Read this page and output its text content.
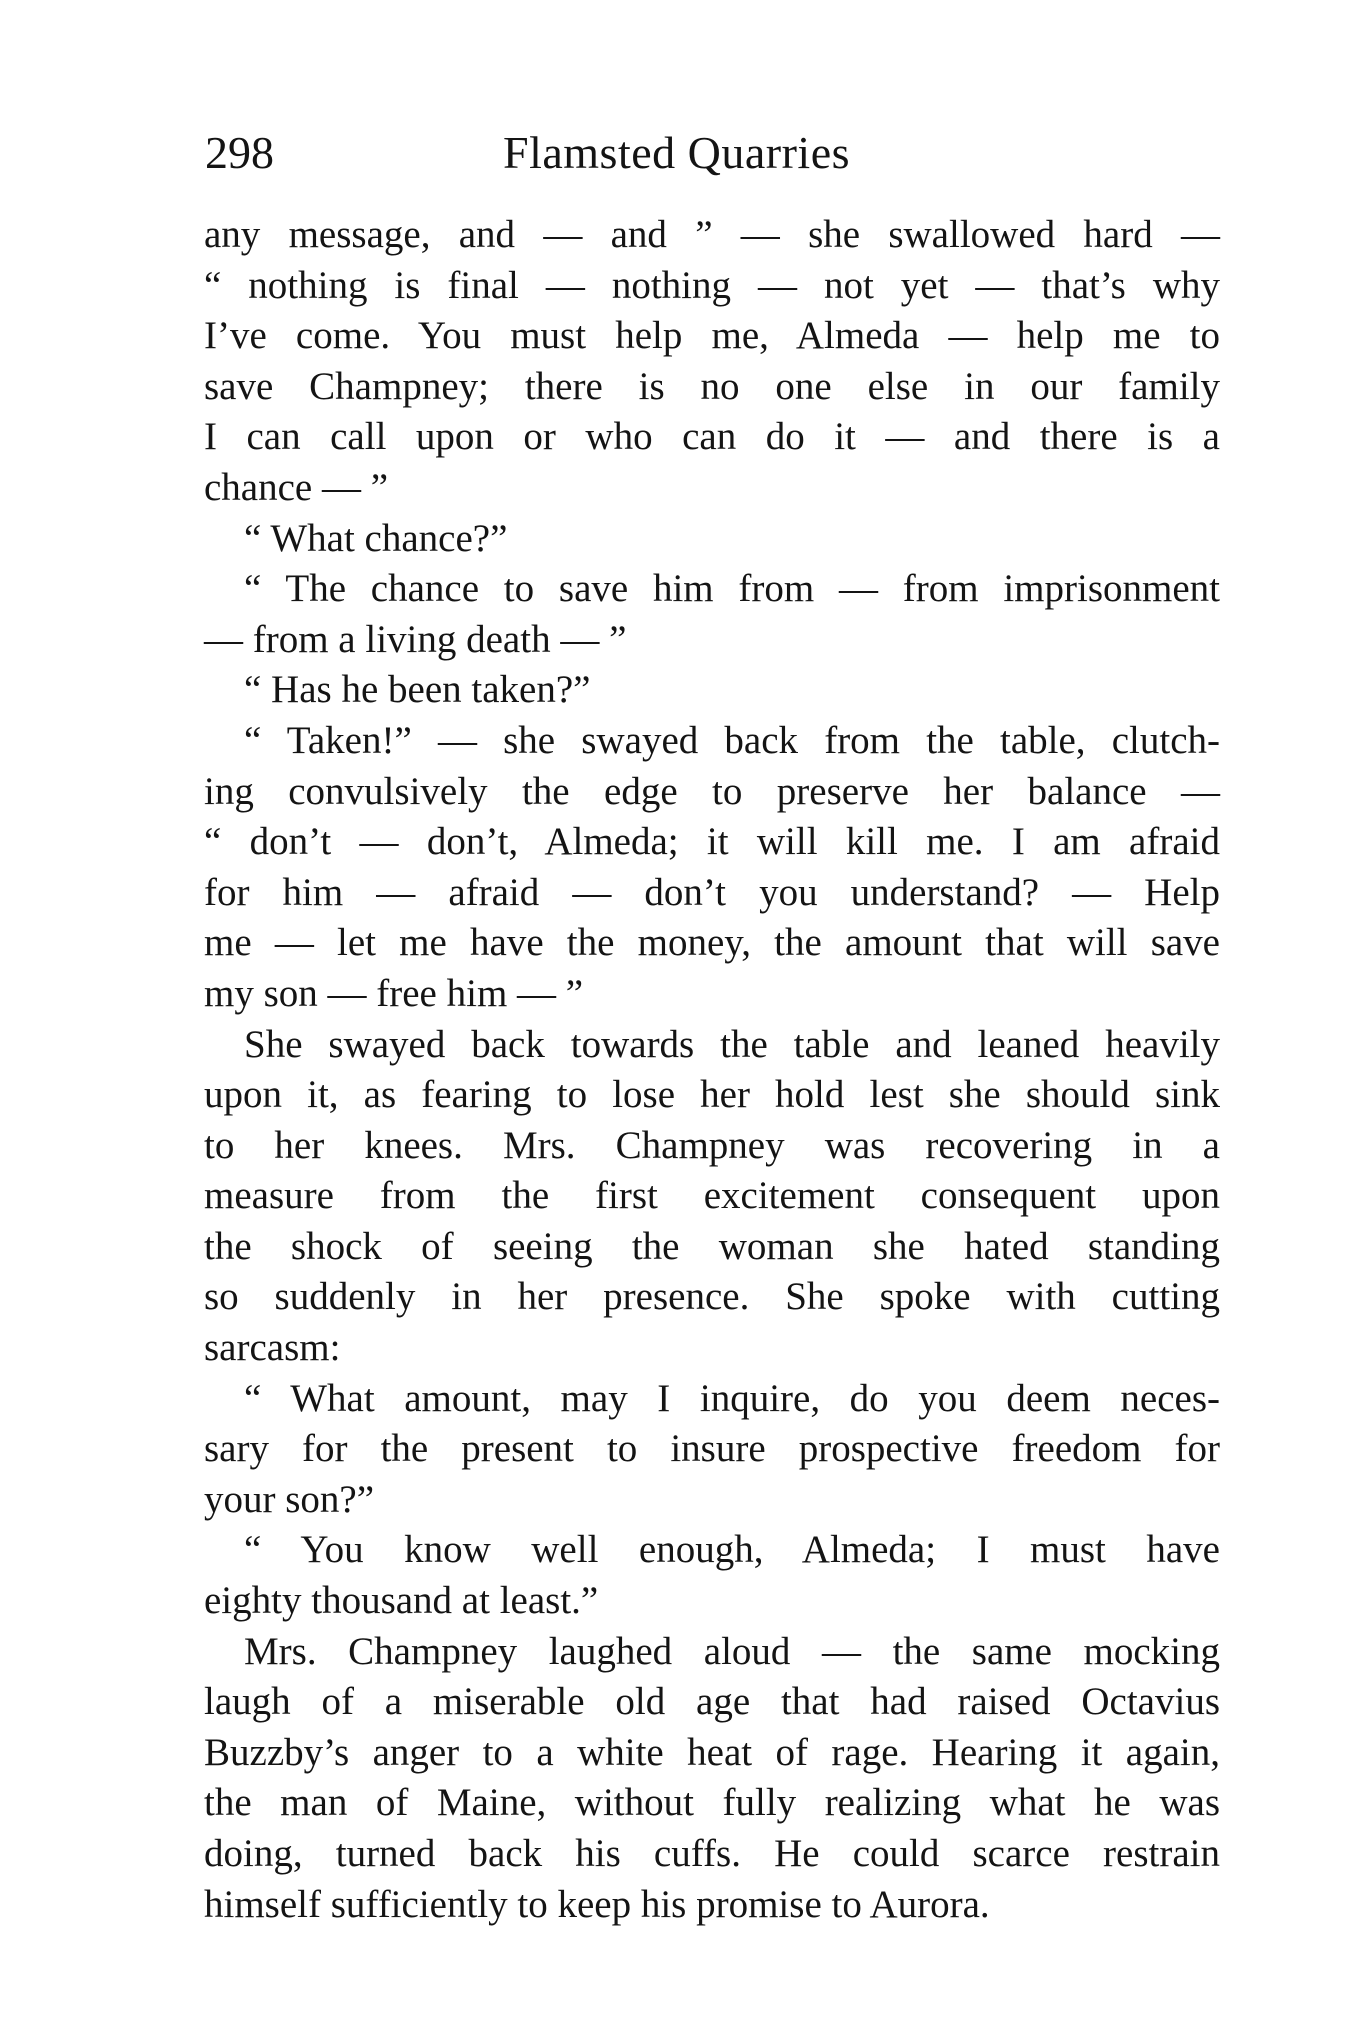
298	Flamsted Quarries
any message, and — and ” — she swallowed hard —
“ nothing is final — nothing — not yet — that’s why
I’ve come. You must help me, Almeda — help me to
save Champney; there is no one else in our family
I can call upon or who can do it — and there is a
chance — ”
“ What chance?”
“ The chance to save him from — from imprisonment
— from a living death — ”
“ Has he been taken?”
“ Taken!” — she swayed back from the table, clutch-
ing convulsively the edge to preserve her balance —
“ don’t — don’t, Almeda; it will kill me. I am afraid
for him — afraid — don’t you understand? — Help
me — let me have the money, the amount that will save
my son — free him — ”
She swayed back towards the table and leaned heavily
upon it, as fearing to lose her hold lest she should sink
to her knees. Mrs. Champney was recovering in a
measure from the first excitement consequent upon
the shock of seeing the woman she hated standing
so suddenly in her presence. She spoke with cutting
sarcasm:
“ What amount, may I inquire, do you deem neces-
sary for the present to insure prospective freedom for
your son?”
“ You know well enough, Almeda; I must have
eighty thousand at least.”
Mrs. Champney laughed aloud — the same mocking
laugh of a miserable old age that had raised Octavius
Buzzby’s anger to a white heat of rage. Hearing it again,
the man of Maine, without fully realizing what he was
doing, turned back his cuffs. He could scarce restrain
himself sufficiently to keep his promise to Aurora.
